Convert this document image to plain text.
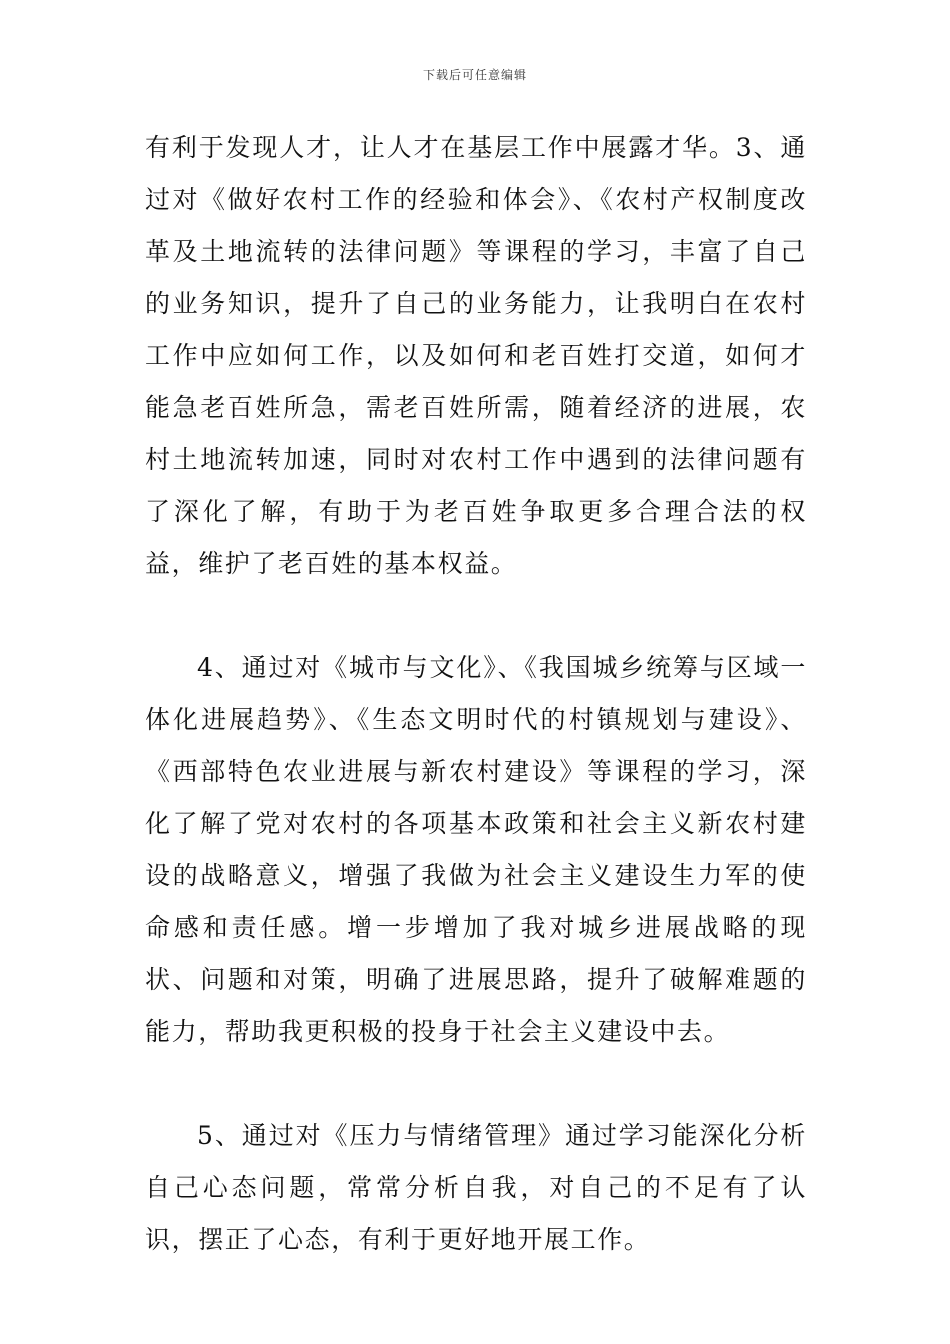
下载后可任意编辑

有利于发现人才，让人才在基层工作中展露才华。3、通过对《做好农村工作的经验和体会》、《农村产权制度改革及土地流转的法律问题》等课程的学习，丰富了自己的业务知识，提升了自己的业务能力，让我明白在农村工作中应如何工作，以及如何和老百姓打交道，如何才能急老百姓所急，需老百姓所需，随着经济的进展，农村土地流转加速，同时对农村工作中遇到的法律问题有了深化了解，有助于为老百姓争取更多合理合法的权益，维护了老百姓的基本权益。

4、通过对《城市与文化》、《我国城乡统筹与区域一体化进展趋势》、《生态文明时代的村镇规划与建设》、《西部特色农业进展与新农村建设》等课程的学习，深化了解了党对农村的各项基本政策和社会主义新农村建设的战略意义，增强了我做为社会主义建设生力军的使命感和责任感。增一步增加了我对城乡进展战略的现状、问题和对策，明确了进展思路，提升了破解难题的能力，帮助我更积极的投身于社会主义建设中去。

5、通过对《压力与情绪管理》通过学习能深化分析自己心态问题，常常分析自我，对自己的不足有了认识，摆正了心态，有利于更好地开展工作。
